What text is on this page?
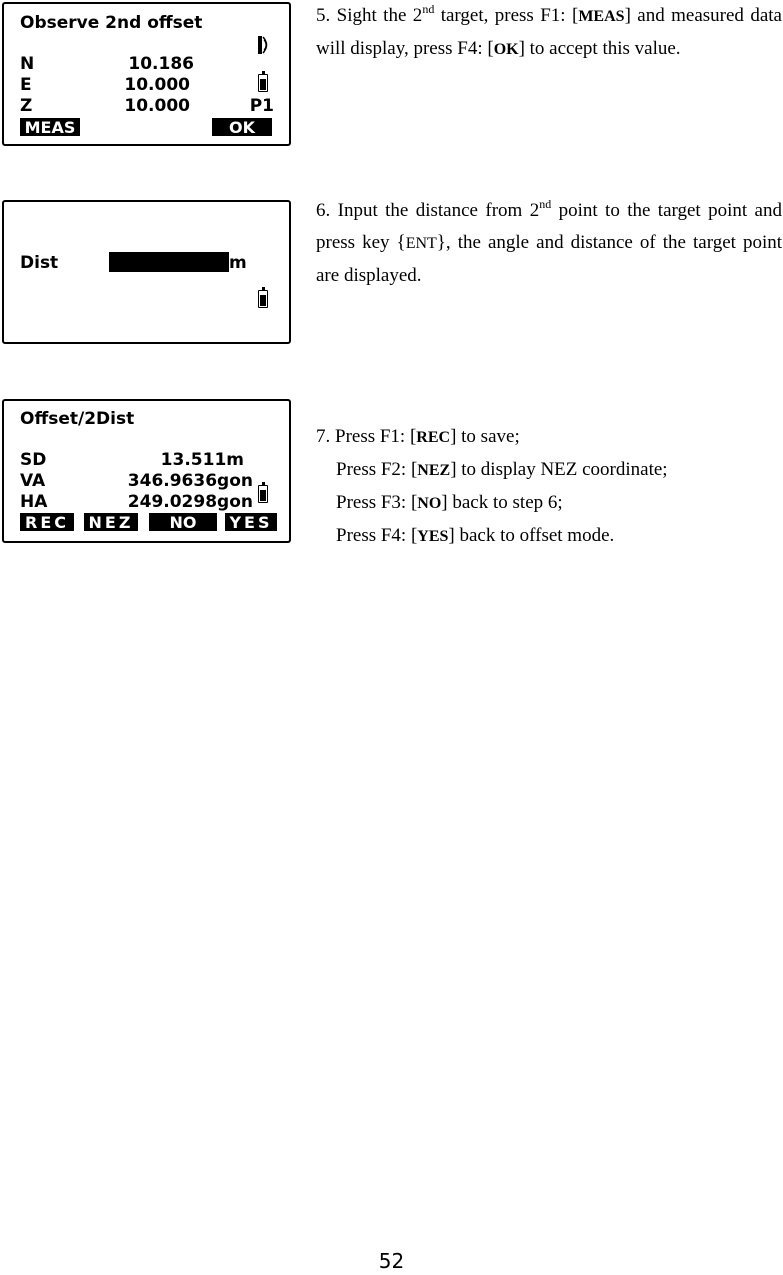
Observe 2nd offset
N	10.186
E	10.000
Z	10.000	P1
MEAS	OK
Dist	m
Offset/2Dist
SD	13.511m
VA	346.9636gon
HA	249.0298gon
REC	NEZ	NO	YES
5. Sight the 2nd target, press F1: [MEAS] and measured data will display, press F4: [OK] to accept this value.
6. Input the distance from 2nd point to the target point and press key {ENT}, the angle and distance of the target point are displayed.
7. Press F1: [REC] to save;
Press F2: [NEZ] to display NEZ coordinate;
Press F3: [NO] back to step 6;
Press F4: [YES] back to offset mode.
52
